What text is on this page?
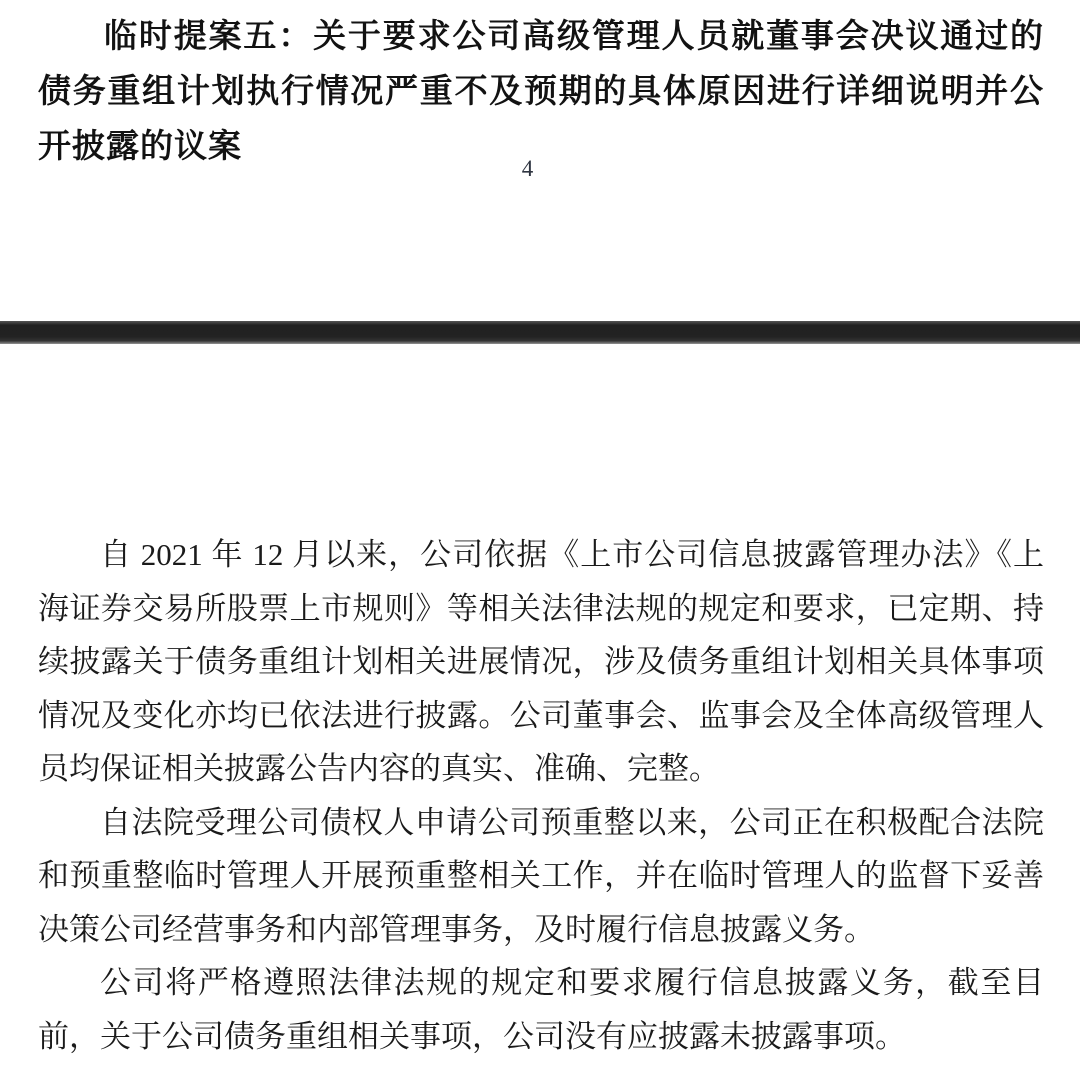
临时提案五：关于要求公司高级管理人员就董事会决议通过的债务重组计划执行情况严重不及预期的具体原因进行详细说明并公开披露的议案
4

自 2021 年 12 月以来，公司依据《上市公司信息披露管理办法》《上海证券交易所股票上市规则》等相关法律法规的规定和要求，已定期、持续披露关于债务重组计划相关进展情况，涉及债务重组计划相关具体事项情况及变化亦均已依法进行披露。公司董事会、监事会及全体高级管理人员均保证相关披露公告内容的真实、准确、完整。

自法院受理公司债权人申请公司预重整以来，公司正在积极配合法院和预重整临时管理人开展预重整相关工作，并在临时管理人的监督下妥善决策公司经营事务和内部管理事务，及时履行信息披露义务。

公司将严格遵照法律法规的规定和要求履行信息披露义务，截至目前，关于公司债务重组相关事项，公司没有应披露未披露事项。
